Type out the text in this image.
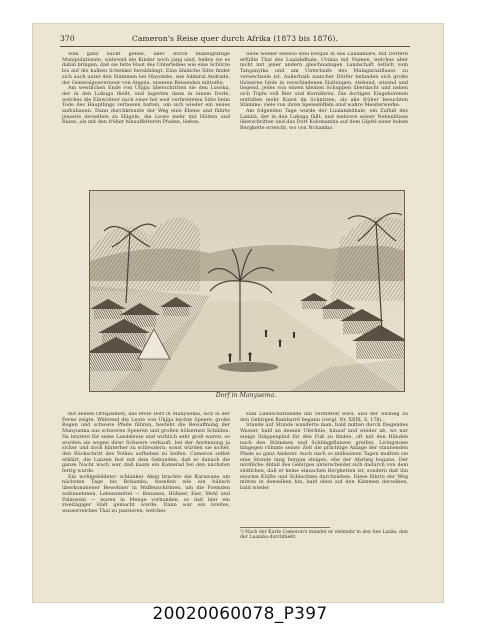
370	Cameron's Reise quer durch Afrika (1873 bis 1876).

Volk ganz nackt gehen, aber durch mannigfaltige Manipulationen, während die Kinder noch jung sind, bellen sie es dahin bringen, daß sie fette Haut des Unterleibes wie eine Schürze bis auf die halben Schenkel herabhängt. Eine ähnliche Sitte findet sich auch unter den Stämmen bei Mayombe, wie Admiral Andrade, der Generalgouverneur von Angola, unseren Reisenden mitteilte.

Am westlichen Ende von Uhjiju überschritten sie den Luwika, der in den Lukuga fließt, und lagerten dann in einem Dorfe, welches die Einwohner nach einer bei weit verbreiteten Sitte beim Tode des Häuptlings verlassen hatten, um sich wieder ein neues aufzubauen. Dann durchkreuzte der Weg eine Ebene und führte jenseits derselben zu Hügeln, die Leute mehr mit Hütten und Raien, als mit den früher hinauffetteren Pfaden, ließen.

Seite wieder ebenso steil bergab in das Lualabhare, mit Dörfern erfüllte Thal des Lualabdhale, Uvinza mit Namen, welches aber nicht mit jener andern gleichnamigen Landschaft östlich vom Tanganyika und am Unterlaufe des Malagarazifluses zu verwechseln ist. Außerhalb mancher Dörfer befanden sich große thönerne Idole in verschiedenen Haltungen, stehend, sitzend und liegend, jedes von einem kleinen Schuppen überdacht und neben sich Töpfe voll Bier und Kornähren. Die dortigen Eingeborenen entfalten mehr Kunst im Schnitzen, als alle früher besuchten Stämme; viele von ihren Speiselöffeln sind wahre Meisterwerke.

Am folgenden Tage wurde der Lualambdhale, ein Zufluß des Lambä, der in den Lukuga fällt, und mehrere seiner Nebenflüsse überschritten und das Dorf Kolomamba auf dem Gipfel einer hohen Bergkette erreicht, wo von Nchamba

Dorf in Manyuema.

mit seinen Ortspalmen, das erste Dorf in Manyuema, sich in der Ferne zeigte. Während die Leute von Uhjiju leichte Speere, große Bogen und schwere Pfeile führen, besteht die Bewaffnung der Manyuema aus schweren Speeren und großen hölzernen Schilden. Da letztere für seine Landsleute und wirklich sehr groß waren, so wurden sie wegen ihrer Schwere verkauft, bei der Anrennung ja sicher und doch hinterher zu schleudern; sonst würden sie sicher, den Rückschritt des Volkes aufheben zu helfen. Cameron selbst erklärt, die Lanzen fest mit dem Gebunden, daß er danach die ganze Nacht wach war, daß kaum ein Kamerad bei den nächsten fertig wurde.

Ein wohlgebildeter schlanker Akeg brachte die Karawane am nächsten Tage bis Rohamba, beseßen wie ein hübsch überkommener Bewohner in Waffenschirmen, um die Fremden aufzunehmen. Lebensmittel — Bananen, Hühner, Eier, Mehl und Palmwein — waren in Menge vorhanden, so daß hier ein zweitägiger Halt gemacht wurde. Dann war ein breites, wasserreiches Thal zu passieren, welches

zum Landschaftsbilde ihn vermittelt wird, und der Anstieg zu den Gebirgen Bambarré begann (vergl. Nr. XXIX, S. 178).

Stunde auf Stunde wanderte man, bald mitten durch fliegendes Wasser, bald an dessen Uferlinie, hinauf und wieder ab, wo nur einige Stäppenpfad für den Fuß zu finden, oft mit den Händen nach den Stämmen und Schlingpflanzen greifen. Livingstone hingegen rühmte seiner Zeit die prächtige Anlage der staunenden Pfade so ganz Anderer. Auch nach so mühsamen Tagen mußten sie eine Stunde lang bergan steigen, ehe der Abstieg begann. Der nördliche Abfall des Gebirges unterscheidet sich dadurch von dem südlichen, daß er keine einsachen Bergketten ist, sondern daß ihn enorme Klüfte und Schluchten durchziehen. Diese führte der Weg mitten in denselben hin, bald oben auf den Kämmen derselben, bald wieder

¹) Nach der Karte Cameron's mündet er vielmehr in den See Lanks, den der Lualaba durchfließt.
20020060078_P397
